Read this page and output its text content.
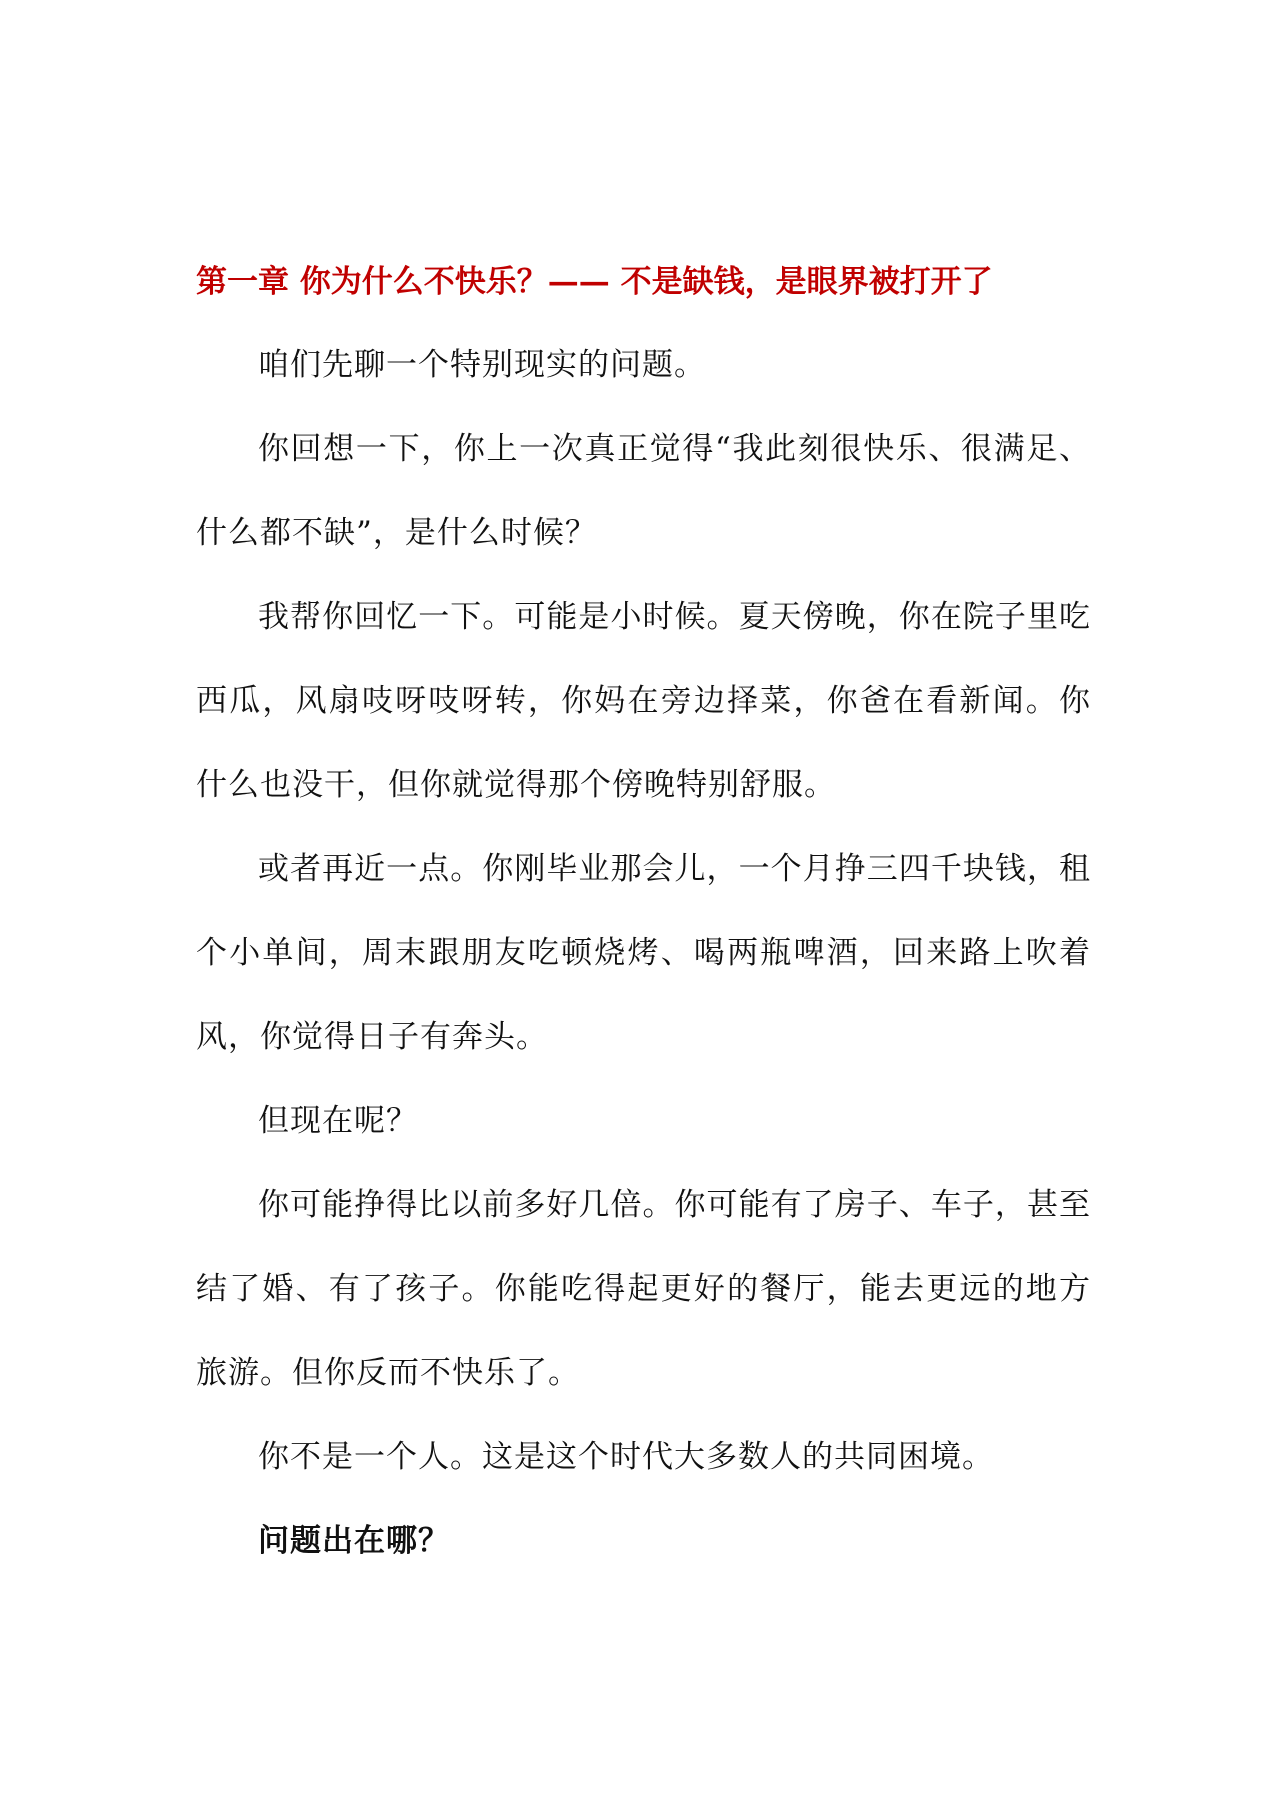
第一章 你为什么不快乐？—— 不是缺钱，是眼界被打开了

咱们先聊一个特别现实的问题。

你回想一下，你上一次真正觉得“我此刻很快乐、很满足、什么都不缺”，是什么时候？

我帮你回忆一下。可能是小时候。夏天傍晚，你在院子里吃西瓜，风扇吱呀吱呀转，你妈在旁边择菜，你爸在看新闻。你什么也没干，但你就觉得那个傍晚特别舒服。

或者再近一点。你刚毕业那会儿，一个月挣三四千块钱，租个小单间，周末跟朋友吃顿烧烤、喝两瓶啤酒，回来路上吹着风，你觉得日子有奔头。

但现在呢？

你可能挣得比以前多好几倍。你可能有了房子、车子，甚至结了婚、有了孩子。你能吃得起更好的餐厅，能去更远的地方旅游。但你反而不快乐了。

你不是一个人。这是这个时代大多数人的共同困境。

问题出在哪？
